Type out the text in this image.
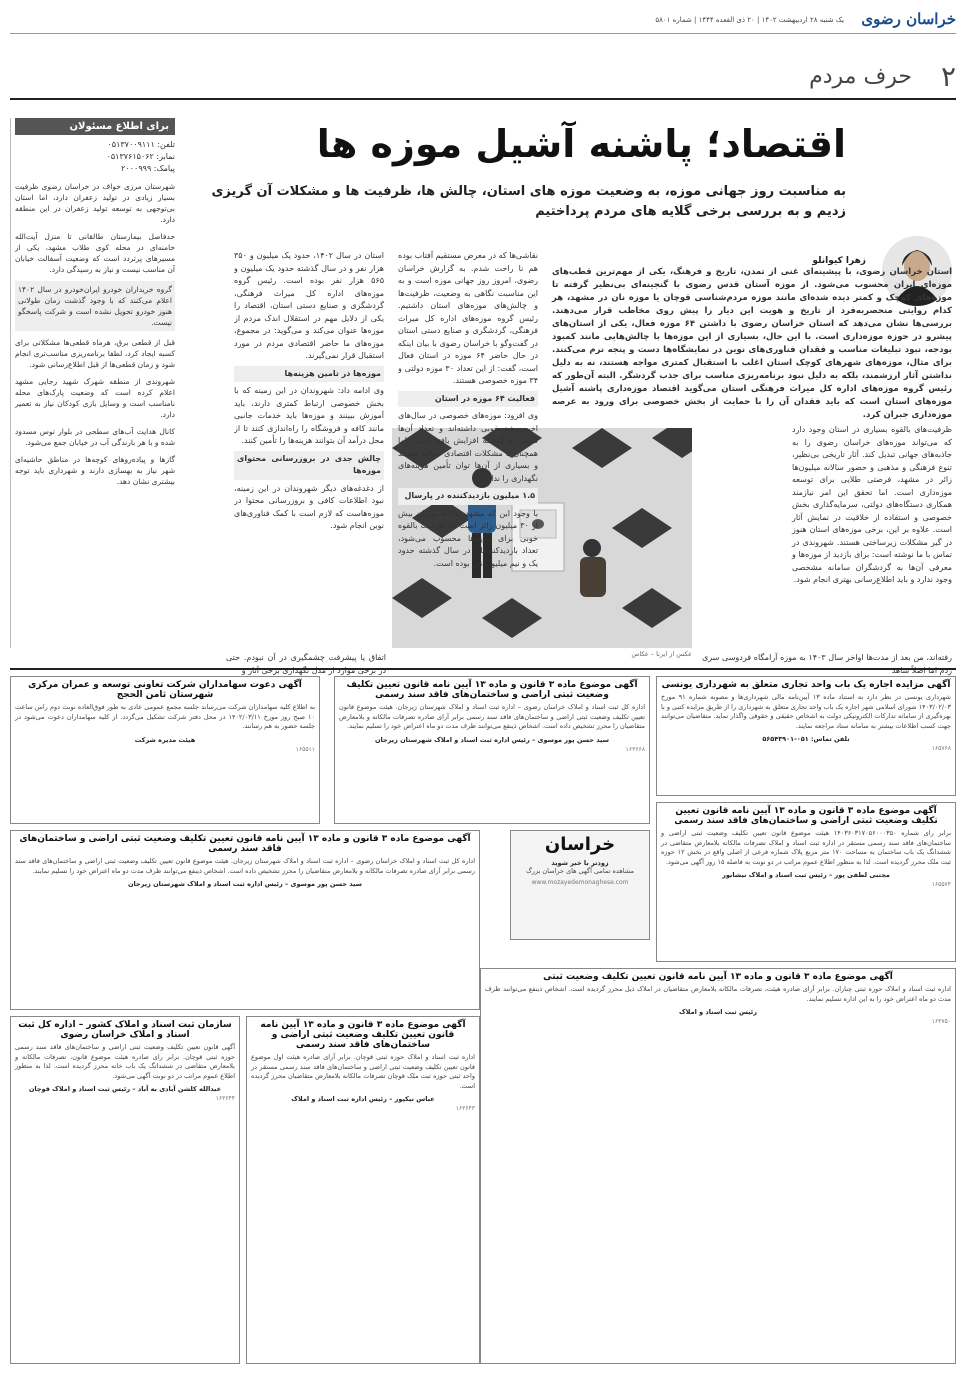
خراسان رضوی
یک شنبه ۲۸ اردیبهشت ۱۴۰۲ | ۲۰ ذی القعده ۱۴۴۴ | شماره ۵۸۰۱
۲
حرف مردم
اقتصاد؛ پاشنه آشیل موزه ها
به مناسبت روز جهانی موزه، به وضعیت موزه های استان، چالش ها، ظرفیت ها و مشکلات آن گریزی زدیم و به بررسی برخی گلایه های مردم پرداختیم
برای اطلاع مسئولان
تلفن: ۰۵۱۳۷۰۰۹۱۱۱
نمابر: ۰۵۱۳۷۶۱۵۰۶۲
پیامک: ۲۰۰۰۹۹۹
شهرستان مرزی خواف در خراسان رضوی ظرفیت بسیار زیادی در تولید زعفران دارد، اما استان بی‌توجهی به توسعه تولید زعفران در این منطقه دارد.
حدفاصل بیمارستان طالقانی تا منزل آیت‌الله خامنه‌ای در محله کوی طلاب مشهد، یکی از مسیرهای پرتردد است که وضعیت آسفالت خیابان آن مناسب نیست و نیاز به رسیدگی دارد.
گروه خریداران خودرو ایران‌خودرو در سال ۱۴۰۲ اعلام می‌کنند که با وجود گذشت زمان طولانی هنوز خودرو تحویل نشده است و شرکت پاسخگو نیست.
قبل از قطعی برق، هرماه قطعی‌ها مشکلاتی برای کسبه ایجاد کرد، لطفا برنامه‌ریزی مناسب‌تری انجام شود و زمان قطعی‌ها از قبل اطلاع‌رسانی شود.
شهروندی از منطقه شهرک شهید رجایی مشهد اعلام کرده است که وضعیت پارک‌های محله نامناسب است و وسایل بازی کودکان نیاز به تعمیر دارد.
کانال هدایت آب‌های سطحی در بلوار توس مسدود شده و با هر بارندگی آب در خیابان جمع می‌شود.
گازها و پیاده‌روهای کوچه‌ها در مناطق حاشیه‌ای شهر نیاز به بهسازی دارند و شهرداری باید توجه بیشتری نشان دهد.
زهرا کیوانلو
استان خراسان رضوی، با پیشینه‌ای غنی از تمدن، تاریخ و فرهنگ، یکی از مهم‌ترین قطب‌های موزه‌ای ایران محسوب می‌شود. از موزه آستان قدس رضوی با گنجینه‌ای بی‌نظیر گرفته تا موزه‌های کوچک و کمتر دیده شده‌ای مانند موزه مردم‌شناسی قوچان یا موزه نان در مشهد، هر کدام روایتی منحصربه‌فرد از تاریخ و هویت این دیار را پیش روی مخاطب قرار می‌دهند. بررسی‌ها نشان می‌دهد که استان خراسان رضوی با داشتن ۶۴ موزه فعال، یکی از استان‌های پیشرو در حوزه موزه‌داری است. با این حال، بسیاری از این موزه‌ها با چالش‌هایی مانند کمبود بودجه، نبود تبلیغات مناسب و فقدان فناوری‌های نوین در نمایشگاه‌ها دست و پنجه نرم می‌کنند. برای مثال، موزه‌های شهرهای کوچک استان اغلب با استقبال کمتری مواجه هستند، نه به دلیل نداشتن آثار ارزشمند، بلکه به دلیل نبود برنامه‌ریزی مناسب برای جذب گردشگر. البته آن‌طور که رئیس گروه موزه‌های اداره کل میراث فرهنگی استان می‌گوید اقتصاد موزه‌داری پاشنه آشیل موزه‌های استان است که باید فقدان آن را با حمایت از بخش خصوصی برای ورود به عرصه موزه‌داری جبران کرد.
ظرفیت‌های بالقوه بسیاری در استان وجود دارد که می‌تواند موزه‌های خراسان رضوی را به جاذبه‌های جهانی تبدیل کند. آثار تاریخی بی‌نظیر، تنوع فرهنگی و مذهبی و حضور سالانه میلیون‌ها زائر در مشهد، فرصتی طلایی برای توسعه موزه‌داری است. اما تحقق این امر نیازمند همکاری دستگاه‌های دولتی، سرمایه‌گذاری بخش خصوصی و استفاده از خلاقیت در نمایش آثار است. علاوه بر این، برخی موزه‌های استان هنوز در گیر مشکلات زیرساختی هستند. شهروندی در تماس با ما نوشته است: برای بازدید از موزه‌ها و معرفی آن‌ها به گردشگران سامانه مشخصی وجود ندارد و باید اطلاع‌رسانی بهتری انجام شود.
عکس از ایرنا – عکاس
نقاشی‌ها که در معرض مستقیم آفتاب بوده هم نا راحت شدم. به گزارش خراسان رضوی، امروز روز جهانی موزه است و به این مناسبت نگاهی به وضعیت، ظرفیت‌ها و چالش‌های موزه‌های استان داشتیم. رئیس گروه موزه‌های اداره کل میراث فرهنگی، گردشگری و صنایع دستی استان در گفت‌وگو با خراسان رضوی با بیان اینکه در حال حاضر ۶۴ موزه در استان فعال است، گفت: از این تعداد ۳۰ موزه دولتی و ۳۴ موزه خصوصی هستند.
فعالیت ۶۴ موزه در استان
وی افزود: موزه‌های خصوصی در سال‌های اخیر رشد خوبی داشته‌اند و تعداد آن‌ها نسبت به گذشته افزایش یافته است، اما همچنان با مشکلات اقتصادی مواجه هستند و بسیاری از آن‌ها توان تأمین هزینه‌های نگهداری را ندارند.
۱.۵ میلیون بازدیدکننده در پارسال
با وجود این که مشهد سالانه میزبان بیش از ۳۰ میلیون زائر است که ظرفیت بالقوه خوبی برای موزه‌ها محسوب می‌شود، تعداد بازدیدکنندگان در سال گذشته حدود یک و نیم میلیون نفر بوده است.
استان در سال ۱۴۰۲، حدود یک میلیون و ۳۵۰ هزار نفر و در سال گذشته حدود یک میلیون و ۵۶۵ هزار نفر بوده است. رئیس گروه موزه‌های اداره کل میراث فرهنگی، گردشگری و صنایع دستی استان، اقتصاد را یکی از دلایل مهم در استقلال اندک مردم از موزه‌ها عنوان می‌کند و می‌گوید: در مجموع، موزه‌های ما حاضر اقتصادی مردم در مورد استقبال قرار نمی‌گیرند.
موزه‌ها در تامین هزینه‌ها
وی ادامه داد: شهروندان در این زمینه که با بخش خصوصی ارتباط کمتری دارند، باید آموزش ببینند و موزه‌ها باید خدمات جانبی مانند کافه و فروشگاه را راه‌اندازی کنند تا از محل درآمد آن بتوانند هزینه‌ها را تأمین کنند.
چالش جدی در بروزرسانی محتوای موزه‌ها
از دغدغه‌های دیگر شهروندان در این زمینه، نبود اطلاعات کافی و بروزرسانی محتوا در موزه‌هاست که لازم است با کمک فناوری‌های نوین انجام شود.
رفته‌اند، من بعد از مدت‌ها اواخر سال ۱۴۰۳ به موزه آرامگاه فردوسی سری زدم اما اصلاً شاهد
اتفاق یا پیشرفت چشمگیری در آن نبودم. حتی در برخی موارد از مدل نگهداری برخی آثار و
آگهی مزایده اجاره یک باب واحد تجاری متعلق به شهرداری یونسی
شهرداری یونسی در نظر دارد به استناد ماده ۱۳ آیین‌نامه مالی شهرداری‌ها و مصوبه شماره ۹۱ مورخ ۱۴۰۳/۰۲/۰۳ شورای اسلامی شهر اجاره یک باب واحد تجاری متعلق به شهرداری را از طریق مزایده کتبی و با بهره‌گیری از سامانه تدارکات الکترونیکی دولت به اشخاص حقیقی و حقوقی واگذار نماید. متقاضیان می‌توانند جهت کسب اطلاعات بیشتر به سامانه ستاد مراجعه نمایند.
تلفن تماس: ۰۵۱-۵۶۵۴۳۹۰۱
۱۶۵۷۶۸
آگهی موضوع ماده ۳ قانون و ماده ۱۳ آیین نامه قانون تعیین تکلیف وضعیت ثبتی اراضی و ساختمان‌های فاقد سند رسمی
برابر رای شماره ۱۴۰۳۶۰۳۱۷۰۵۶۰۰۰۳۵۰ هیئت موضوع قانون تعیین تکلیف وضعیت ثبتی اراضی و ساختمان‌های فاقد سند رسمی مستقر در اداره ثبت اسناد و املاک تصرفات مالکانه بلامعارض متقاضی در ششدانگ یک باب ساختمان به مساحت ۱۷۰ متر مربع پلاک شماره فرعی از اصلی واقع در بخش ۱۲ حوزه ثبت ملک محرز گردیده است. لذا به منظور اطلاع عموم مراتب در دو نوبت به فاصله ۱۵ روز آگهی می‌شود.
مجتبی لطفی پور – رئیس ثبت اسناد و املاک نیشابور
۱۶۵۵۷۴
آگهی موضوع ماده ۳ قانون و ماده ۱۳ آیین نامه قانون تعیین تکلیف وضعیت ثبتی اراضی و ساختمان‌های فاقد سند رسمی
اداره کل ثبت اسناد و املاک خراسان رضوی – اداره ثبت اسناد و املاک شهرستان زیرجان. هیئت موضوع قانون تعیین تکلیف وضعیت ثبتی اراضی و ساختمان‌های فاقد سند رسمی برابر آرای صادره تصرفات مالکانه و بلامعارض متقاضیان را محرز تشخیص داده است. اشخاص ذینفع می‌توانند ظرف مدت دو ماه اعتراض خود را تسلیم نمایند.
سید حسن پور موسوی – رئیس اداره ثبت اسناد و املاک شهرستان زیرجان
۱۶۳۶۶۸
آگهی دعوت سهامداران شرکت تعاونی توسعه و عمران مرکزی شهرستان ثامن الحجج
به اطلاع کلیه سهامداران شرکت می‌رساند جلسه مجمع عمومی عادی به طور فوق‌العاده نوبت دوم راس ساعت ۱۰ صبح روز مورخ ۱۴۰۲/۰۳/۱۱ در محل دفتر شرکت تشکیل می‌گردد. از کلیه سهامداران دعوت می‌شود در جلسه حضور به هم رسانند.
هیئت مدیره شرکت
۱۶۵۵۱۱
خراسان
زودتر با خبر شوید
مشاهده تمامی آگهی های خراسان بزرگ
www.mozayedemonaghese.com
آگهی موضوع ماده ۳ قانون و ماده ۱۳ آیین نامه قانون تعیین تکلیف وضعیت ثبتی اراضی و ساختمان‌های فاقد سند رسمی
اداره کل ثبت اسناد و املاک خراسان رضوی – اداره ثبت اسناد و املاک شهرستان زیرجان. هیئت موضوع قانون تعیین تکلیف وضعیت ثبتی اراضی و ساختمان‌های فاقد سند رسمی برابر آرای صادره تصرفات مالکانه و بلامعارض متقاضیان را محرز تشخیص داده است. اشخاص ذینفع می‌توانند ظرف مدت دو ماه اعتراض خود را تسلیم نمایند.
سید حسن پور موسوی – رئیس اداره ثبت اسناد و املاک شهرستان زیرجان
آگهی موضوع ماده ۳ قانون و ماده ۱۳ آیین نامه قانون تعیین تکلیف وضعیت ثبتی
اداره ثبت اسناد و املاک حوزه ثبتی چناران. برابر آرای صادره هیئت، تصرفات مالکانه بلامعارض متقاضیان در املاک ذیل محرز گردیده است. اشخاص ذینفع می‌توانند ظرف مدت دو ماه اعتراض خود را به این اداره تسلیم نمایند.
رئیس ثبت اسناد و املاک
۱۶۳۷۵۰
سازمان ثبت اسناد و املاک کشور – اداره کل ثبت اسناد و املاک خراسان رضوی
آگهی قانون تعیین تکلیف وضعیت ثبتی اراضی و ساختمان‌های فاقد سند رسمی حوزه ثبتی قوچان. برابر رای صادره هیئت موضوع قانون، تصرفات مالکانه و بلامعارض متقاضی در ششدانگ یک باب خانه محرز گردیده است. لذا به منظور اطلاع عموم مراتب در دو نوبت آگهی می‌شود.
عبدالله کلشن آبادی به آباد – رئیس ثبت اسناد و املاک قوچان
۱۶۳۶۴۴
آگهی موضوع ماده ۳ قانون و ماده ۱۳ آیین نامه قانون تعیین تکلیف وضعیت ثبتی اراضی و ساختمان‌های فاقد سند رسمی
اداره ثبت اسناد و املاک حوزه ثبتی قوچان. برابر آرای صادره هیئت اول موضوع قانون تعیین تکلیف وضعیت ثبتی اراضی و ساختمان‌های فاقد سند رسمی مستقر در واحد ثبتی حوزه ثبت ملک قوچان تصرفات مالکانه بلامعارض متقاضیان محرز گردیده است.
عباس نیکپور – رئیس اداره ثبت اسناد و املاک
۱۶۳۶۴۳
